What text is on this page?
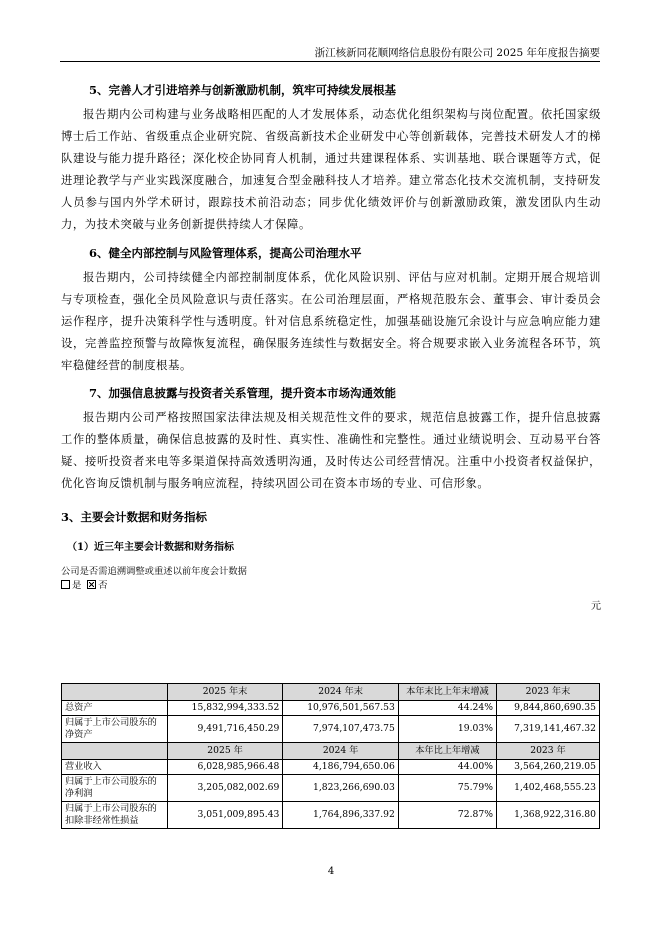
浙江核新同花顺网络信息股份有限公司 2025 年年度报告摘要
5、完善人才引进培养与创新激励机制，筑牢可持续发展根基

报告期内公司构建与业务战略相匹配的人才发展体系，动态优化组织架构与岗位配置。依托国家级博士后工作站、省级重点企业研究院、省级高新技术企业研发中心等创新载体，完善技术研发人才的梯队建设与能力提升路径；深化校企协同育人机制，通过共建课程体系、实训基地、联合课题等方式，促进理论教学与产业实践深度融合，加速复合型金融科技人才培养。建立常态化技术交流机制，支持研发人员参与国内外学术研讨，跟踪技术前沿动态；同步优化绩效评价与创新激励政策，激发团队内生动力，为技术突破与业务创新提供持续人才保障。

6、健全内部控制与风险管理体系，提高公司治理水平

报告期内，公司持续健全内部控制制度体系，优化风险识别、评估与应对机制。定期开展合规培训与专项检查，强化全员风险意识与责任落实。在公司治理层面，严格规范股东会、董事会、审计委员会运作程序，提升决策科学性与透明度。针对信息系统稳定性，加强基础设施冗余设计与应急响应能力建设，完善监控预警与故障恢复流程，确保服务连续性与数据安全。将合规要求嵌入业务流程各环节，筑牢稳健经营的制度根基。

7、加强信息披露与投资者关系管理，提升资本市场沟通效能

报告期内公司严格按照国家法律法规及相关规范性文件的要求，规范信息披露工作，提升信息披露工作的整体质量，确保信息披露的及时性、真实性、准确性和完整性。通过业绩说明会、互动易平台答疑、接听投资者来电等多渠道保持高效透明沟通，及时传达公司经营情况。注重中小投资者权益保护，优化咨询反馈机制与服务响应流程，持续巩固公司在资本市场的专业、可信形象。

3、主要会计数据和财务指标
（1）近三年主要会计数据和财务指标
公司是否需追溯调整或重述以前年度会计数据
是 否
元
	2025 年末	2024 年末	本年末比上年末增减	2023 年末
总资产	15,832,994,333.52	10,976,501,567.53	44.24%	9,844,860,690.35
归属于上市公司股东的净资产	9,491,716,450.29	7,974,107,473.75	19.03%	7,319,141,467.32
	2025 年	2024 年	本年比上年增减	2023 年
营业收入	6,028,985,966.48	4,186,794,650.06	44.00%	3,564,260,219.05
归属于上市公司股东的净利润	3,205,082,002.69	1,823,266,690.03	75.79%	1,402,468,555.23
归属于上市公司股东的扣除非经常性损益	3,051,009,895.43	1,764,896,337.92	72.87%	1,368,922,316.80
4
